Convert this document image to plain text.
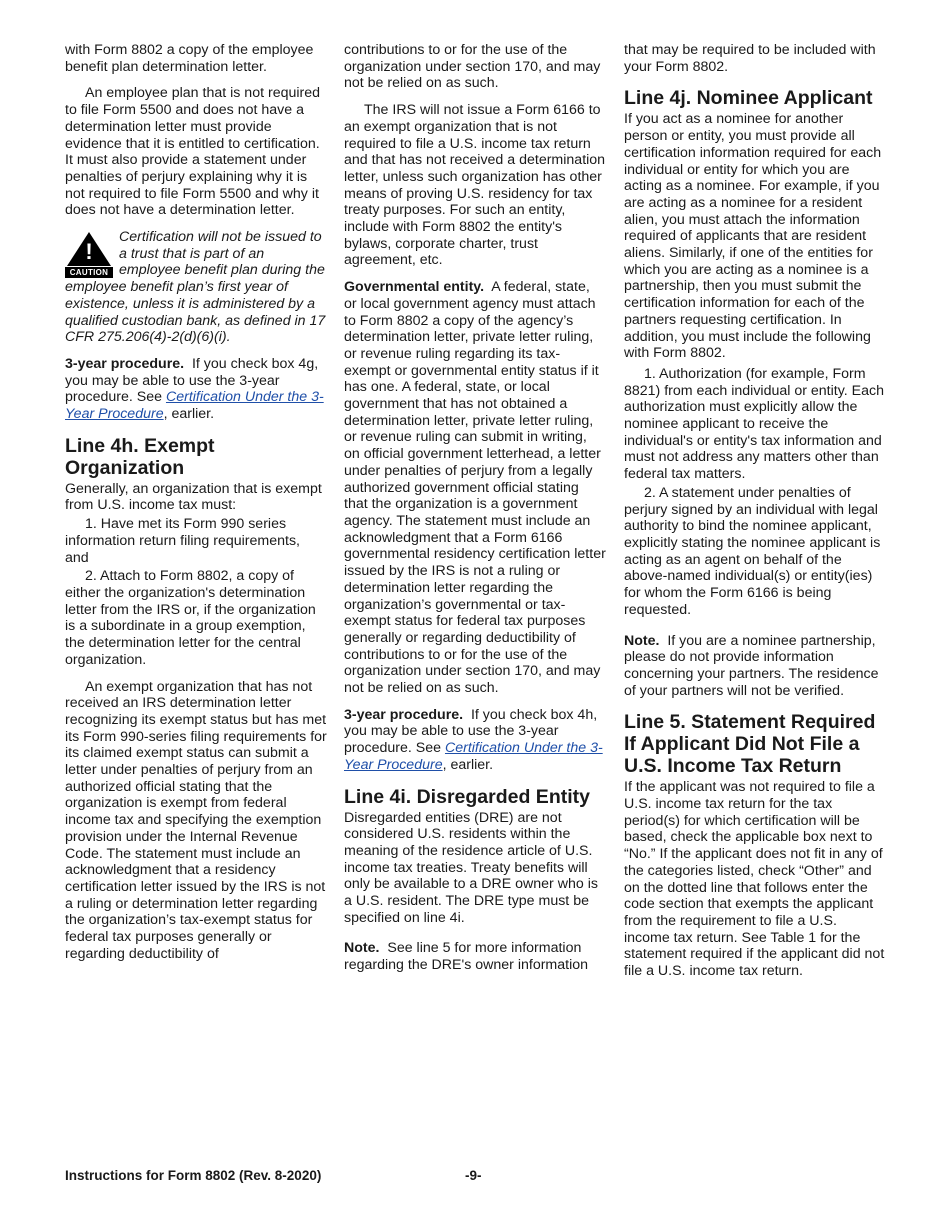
with Form 8802 a copy of the employee benefit plan determination letter.

An employee plan that is not required to file Form 5500 and does not have a determination letter must provide evidence that it is entitled to certification. It must also provide a statement under penalties of perjury explaining why it is not required to file Form 5500 and why it does not have a determination letter.

!
CAUTION
Certification will not be issued to a trust that is part of an employee benefit plan during the employee benefit plan’s first year of existence, unless it is administered by a qualified custodian bank, as defined in 17 CFR 275.206(4)-2(d)(6)(i).

3-year procedure. If you check box 4g, you may be able to use the 3-year procedure. See Certification Under the 3-Year Procedure, earlier.

Line 4h. Exempt Organization

Generally, an organization that is exempt from U.S. income tax must:

1. Have met its Form 990 series information return filing requirements, and

2. Attach to Form 8802, a copy of either the organization's determination letter from the IRS or, if the organization is a subordinate in a group exemption, the determination letter for the central organization.

An exempt organization that has not received an IRS determination letter recognizing its exempt status but has met its Form 990-series filing requirements for its claimed exempt status can submit a letter under penalties of perjury from an authorized official stating that the organization is exempt from federal income tax and specifying the exemption provision under the Internal Revenue Code. The statement must include an acknowledgment that a residency certification letter issued by the IRS is not a ruling or determination letter regarding the organization’s tax-exempt status for federal tax purposes generally or regarding deductibility of

contributions to or for the use of the organization under section 170, and may not be relied on as such.

The IRS will not issue a Form 6166 to an exempt organization that is not required to file a U.S. income tax return and that has not received a determination letter, unless such organization has other means of proving U.S. residency for tax treaty purposes. For such an entity, include with Form 8802 the entity's bylaws, corporate charter, trust agreement, etc.

Governmental entity. A federal, state, or local government agency must attach to Form 8802 a copy of the agency’s determination letter, private letter ruling, or revenue ruling regarding its tax-exempt or governmental entity status if it has one. A federal, state, or local government that has not obtained a determination letter, private letter ruling, or revenue ruling can submit in writing, on official government letterhead, a letter under penalties of perjury from a legally authorized government official stating that the organization is a government agency. The statement must include an acknowledgment that a Form 6166 governmental residency certification letter issued by the IRS is not a ruling or determination letter regarding the organization’s governmental or tax-exempt status for federal tax purposes generally or regarding deductibility of contributions to or for the use of the organization under section 170, and may not be relied on as such.

3-year procedure. If you check box 4h, you may be able to use the 3-year procedure. See Certification Under the 3-Year Procedure, earlier.

Line 4i. Disregarded Entity

Disregarded entities (DRE) are not considered U.S. residents within the meaning of the residence article of U.S. income tax treaties. Treaty benefits will only be available to a DRE owner who is a U.S. resident. The DRE type must be specified on line 4i.

Note. See line 5 for more information regarding the DRE's owner information

that may be required to be included with your Form 8802.

Line 4j. Nominee Applicant

If you act as a nominee for another person or entity, you must provide all certification information required for each individual or entity for which you are acting as a nominee. For example, if you are acting as a nominee for a resident alien, you must attach the information required of applicants that are resident aliens. Similarly, if one of the entities for which you are acting as a nominee is a partnership, then you must submit the certification information for each of the partners requesting certification. In addition, you must include the following with Form 8802.

1. Authorization (for example, Form 8821) from each individual or entity. Each authorization must explicitly allow the nominee applicant to receive the individual's or entity's tax information and must not address any matters other than federal tax matters.

2. A statement under penalties of perjury signed by an individual with legal authority to bind the nominee applicant, explicitly stating the nominee applicant is acting as an agent on behalf of the above-named individual(s) or entity(ies) for whom the Form 6166 is being requested.

Note. If you are a nominee partnership, please do not provide information concerning your partners. The residence of your partners will not be verified.

Line 5. Statement Required If Applicant Did Not File a U.S. Income Tax Return

If the applicant was not required to file a U.S. income tax return for the tax period(s) for which certification will be based, check the applicable box next to “No.” If the applicant does not fit in any of the categories listed, check “Other” and on the dotted line that follows enter the code section that exempts the applicant from the requirement to file a U.S. income tax return. See Table 1 for the statement required if the applicant did not file a U.S. income tax return.

Instructions for Form 8802 (Rev. 8-2020)	-9-
